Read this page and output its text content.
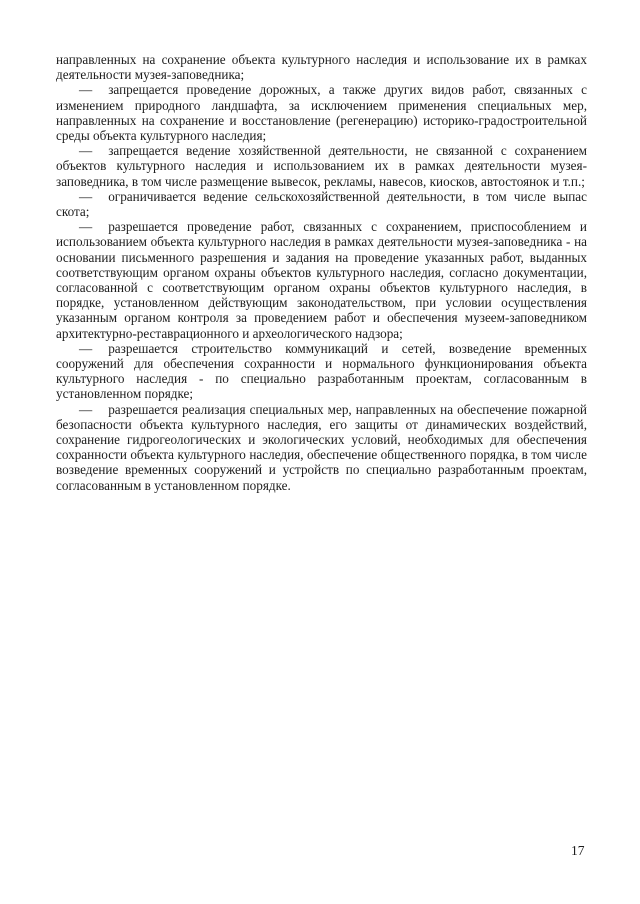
направленных на сохранение объекта культурного наследия и использование их в рамках деятельности музея-заповедника;

— запрещается проведение дорожных, а также других видов работ, связанных с изменением природного ландшафта, за исключением применения специальных мер, направленных на сохранение и восстановление (регенерацию) историко-градостроительной среды объекта культурного наследия;

— запрещается ведение хозяйственной деятельности, не связанной с сохранением объектов культурного наследия и использованием их в рамках деятельности музея-заповедника, в том числе размещение вывесок, рекламы, навесов, киосков, автостоянок и т.п.;

— ограничивается ведение сельскохозяйственной деятельности, в том числе выпас скота;

— разрешается проведение работ, связанных с сохранением, приспособлением и использованием объекта культурного наследия в рамках деятельности музея-заповедника - на основании письменного разрешения и задания на проведение указанных работ, выданных соответствующим органом охраны объектов культурного наследия, согласно документации, согласованной с соответствующим органом охраны объектов культурного наследия, в порядке, установленном действующим законодательством, при условии осуществления указанным органом контроля за проведением работ и обеспечения музеем-заповедником архитектурно-реставрационного и археологического надзора;

— разрешается строительство коммуникаций и сетей, возведение временных сооружений для обеспечения сохранности и нормального функционирования объекта культурного наследия - по специально разработанным проектам, согласованным в установленном порядке;

— разрешается реализация специальных мер, направленных на обеспечение пожарной безопасности объекта культурного наследия, его защиты от динамических воздействий, сохранение гидрогеологических и экологических условий, необходимых для обеспечения сохранности объекта культурного наследия, обеспечение общественного порядка, в том числе возведение временных сооружений и устройств по специально разработанным проектам, согласованным в установленном порядке.

17
